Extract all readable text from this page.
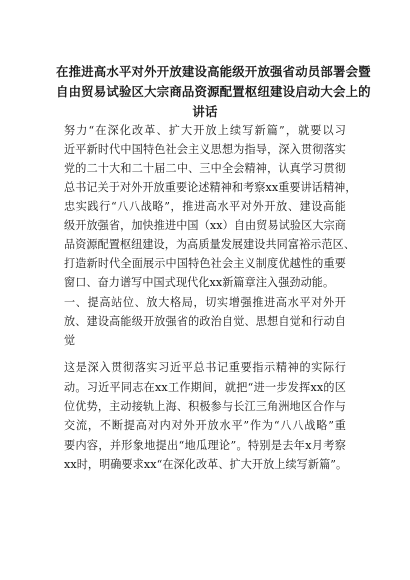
在推进高水平对外开放建设高能级开放强省动员部署会暨
自由贸易试验区大宗商品资源配置枢纽建设启动大会上的
讲话
努力“在深化改革、扩大开放上续写新篇”，就要以习
近平新时代中国特色社会主义思想为指导，深入贯彻落实
党的二十大和二十届二中、三中全会精神，认真学习贯彻
总书记关于对外开放重要论述精神和考察xx重要讲话精神，
忠实践行“八八战略”，推进高水平对外开放、建设高能
级开放强省，加快推进中国（xx）自由贸易试验区大宗商
品资源配置枢纽建设，为高质量发展建设共同富裕示范区、
打造新时代全面展示中国特色社会主义制度优越性的重要
窗口、奋力谱写中国式现代化xx新篇章注入强劲动能。
一、提高站位、放大格局，切实增强推进高水平对外开
放、建设高能级开放强省的政治自觉、思想自觉和行动自
觉
这是深入贯彻落实习近平总书记重要指示精神的实际行
动。习近平同志在xx工作期间，就把“进一步发挥xx的区
位优势，主动接轨上海、积极参与长江三角洲地区合作与
交流，不断提高对内对外开放水平”作为“八八战略”重
要内容，并形象地提出“地瓜理论”。特别是去年x月考察
xx时，明确要求xx“在深化改革、扩大开放上续写新篇”。
